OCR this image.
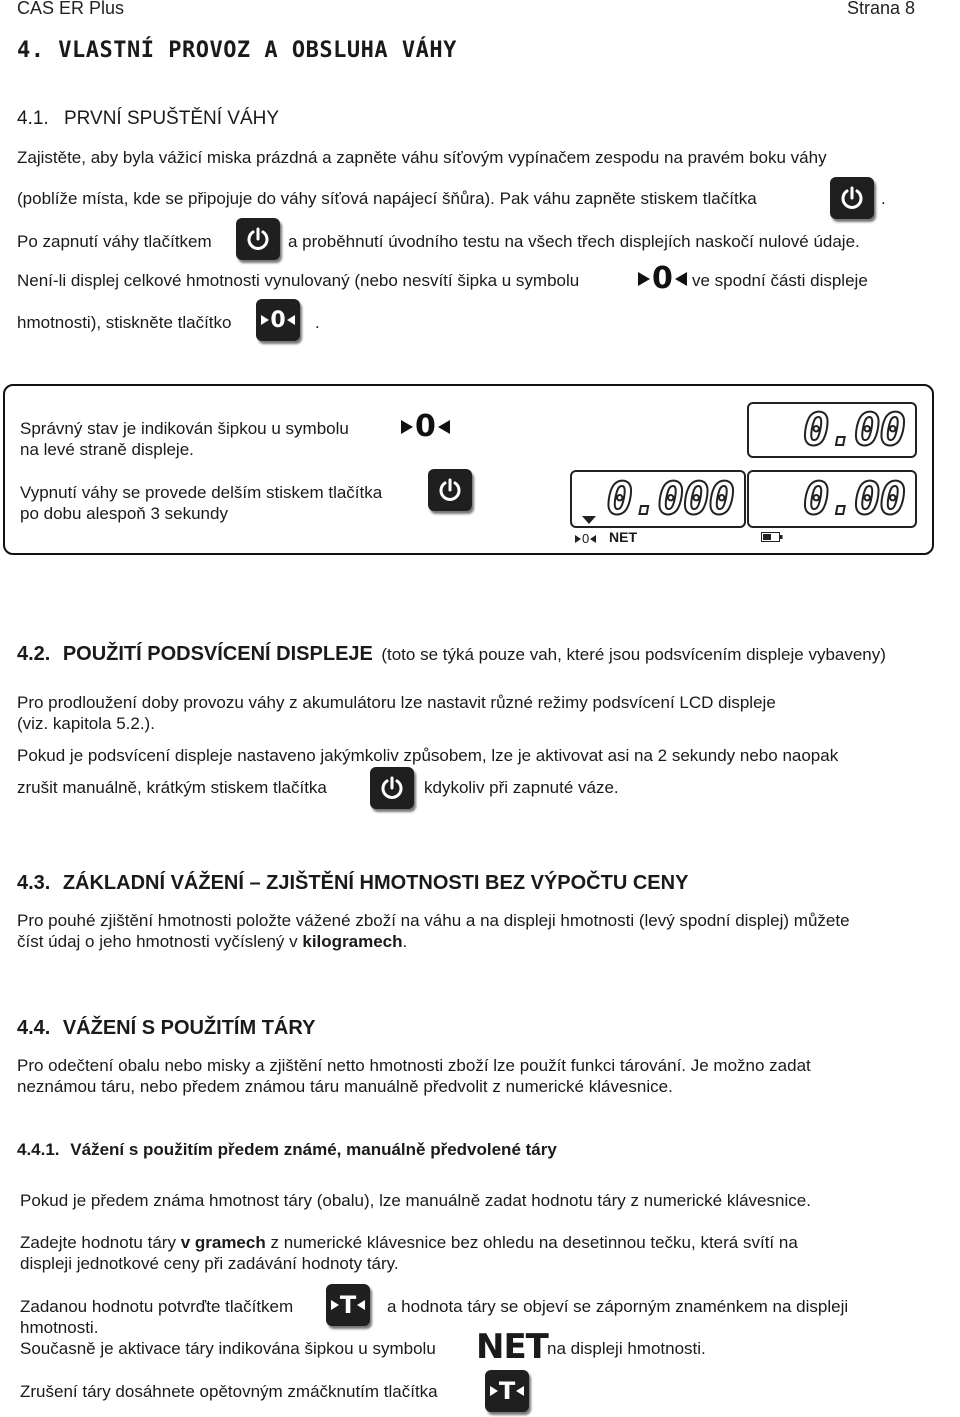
CAS ER Plus	Strana 8
4. VLASTNÍ PROVOZ A OBSLUHA VÁHY
4.1. PRVNÍ SPUŠTĚNÍ VÁHY
Zajistěte, aby byla vážicí miska prázdná a zapněte váhu síťovým vypínačem zespodu na pravém boku váhy
(poblíže místa, kde se připojuje do váhy síťová napájecí šňůra). Pak váhu zapněte stiskem tlačítka	.
Po zapnutí váhy tlačítkem	a proběhnutí úvodního testu na všech třech displejích naskočí nulové údaje.
Není-li displej celkové hmotnosti vynulovaný (nebo nesvítí šipka u symbolu 0 ve spodní části displeje
hmotnosti), stiskněte tlačítko 0 .
Správný stav je indikován šipkou u symbolu
na levé straně displeje.
0
Vypnutí váhy se provede delším stiskem tlačítka
po dobu alespoň 3 sekundy
0.00
0.000 0.00
0 NET
4.2. POUŽITÍ PODSVÍCENÍ DISPLEJE (toto se týká pouze vah, které jsou podsvícením displeje vybaveny)
Pro prodloužení doby provozu váhy z akumulátoru lze nastavit různé režimy podsvícení LCD displeje
(viz. kapitola 5.2.).
Pokud je podsvícení displeje nastaveno jakýmkoliv způsobem, lze je aktivovat asi na 2 sekundy nebo naopak
zrušit manuálně, krátkým stiskem tlačítka	kdykoliv při zapnuté váze.
4.3. ZÁKLADNÍ VÁŽENÍ – ZJIŠTĚNÍ HMOTNOSTI BEZ VÝPOČTU CENY
Pro pouhé zjištění hmotnosti položte vážené zboží na váhu a na displeji hmotnosti (levý spodní displej) můžete
číst údaj o jeho hmotnosti vyčíslený v kilogramech.
4.4. VÁŽENÍ S POUŽITÍM TÁRY
Pro odečtení obalu nebo misky a zjištění netto hmotnosti zboží lze použít funkci tárování. Je možno zadat
neznámou táru, nebo předem známou táru manuálně předvolit z numerické klávesnice.
4.4.1. Vážení s použitím předem známé, manuálně předvolené táry
Pokud je předem známa hmotnost táry (obalu), lze manuálně zadat hodnotu táry z numerické klávesnice.
Zadejte hodnotu táry v gramech z numerické klávesnice bez ohledu na desetinnou tečku, která svítí na
displeji jednotkové ceny při zadávání hodnoty táry.
Zadanou hodnotu potvrďte tlačítkem T a hodnota táry se objeví se záporným znaménkem na displeji
hmotnosti.
Současně je aktivace táry indikována šipkou u symbolu NET na displeji hmotnosti.
Zrušení táry dosáhnete opětovným zmáčknutím tlačítka	T
